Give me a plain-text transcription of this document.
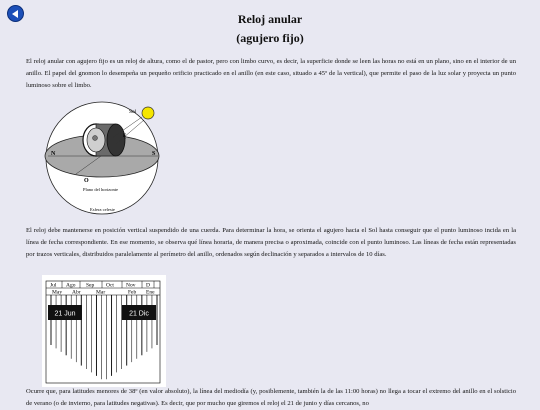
Reloj anular
(agujero fijo)

El reloj anular con agujero fijo es un reloj de altura, como el de pastor, pero con limbo curvo, es decir, la superficie donde se leen las horas no está en un plano, sino en el interior de un anillo. El papel del gnomon lo desempeña un pequeño orificio practicado en el anillo (en este caso, situado a 45º de la vertical), que permite el paso de la luz solar y proyecta un punto luminoso sobre el limbo.

Sol
N	S
O
E
Plano del horizonte
Esfera celeste

El reloj debe mantenerse en posición vertical suspendido de una cuerda. Para determinar la hora, se orienta el agujero hacia el Sol hasta conseguir que el punto luminoso incida en la línea de fecha correspondiente. En ese momento, se observa qué línea horaria, de manera precisa o aproximada, coincide con el punto luminoso. Las líneas de fecha están representadas por trazos verticales, distribuidos paralelamente al perímetro del anillo, ordenados según declinación y separados a intervalos de 10 días.

Jul Ago Sep Oct Nov D
May Abr	Mar	Feb Ene
21 Jun	21 Dic

Ocurre que, para latitudes menores de 38º (en valor absoluto), la línea del mediodía (y, posiblemente, también la de las 11:00 horas) no llega a tocar el extremo del anillo en el solsticio de verano (o de invierno, para latitudes negativas). Es decir, que por mucho que giremos el reloj el 21 de junio y días cercanos, no
